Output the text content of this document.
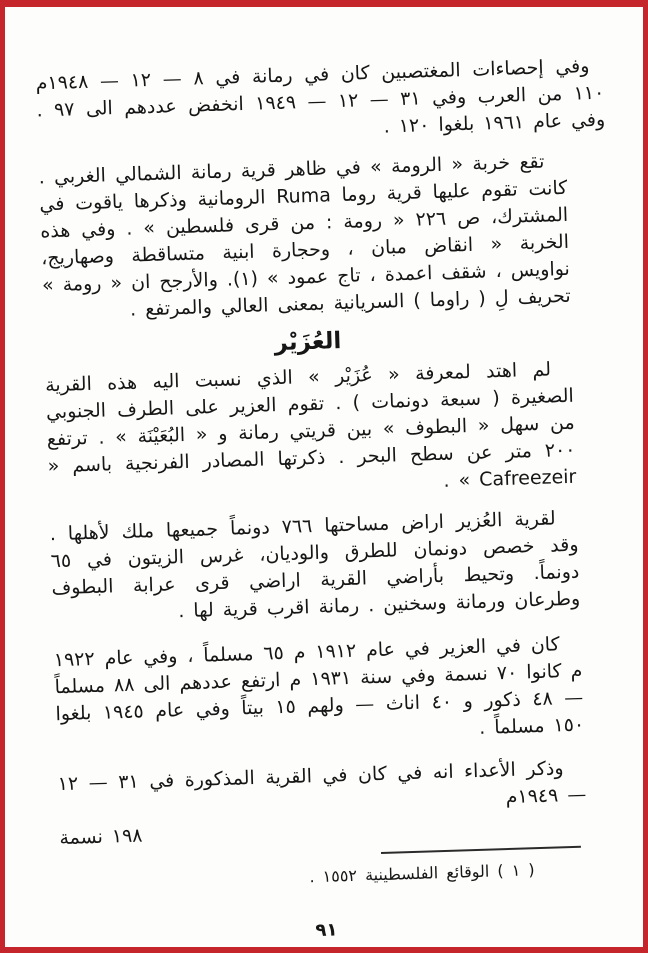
وفي إحصاءات المغتصبين كان في رمانة في ٨ — ١٢ — ١٩٤٨م ١١٠ من العرب وفي ٣١ — ١٢ — ١٩٤٩ انخفض عددهم الى ٩٧ . وفي عام ١٩٦١ بلغوا ١٢٠ .

تقع خربة « الرومة » في ظاهر قرية رمانة الشمالي الغربي . كانت تقوم عليها قرية روما Ruma الرومانية وذكرها ياقوت في المشترك، ص ٢٢٦ « رومة : من قرى فلسطين » . وفي هذه الخربة « انقاض مبان ، وحجارة ابنية متساقطة وصهاريج، نواويس ، شقف اعمدة ، تاج عمود » (١). والأرجح ان « رومة » تحريف لِ ( راوما ) السريانية بمعنى العالي والمرتفع .

العُزَيْر

لم اهتد لمعرفة « عُزَيْر » الذي نسبت اليه هذه القرية الصغيرة ( سبعة دونمات ) . تقوم العزير على الطرف الجنوبي من سهل « البطوف » بين قريتي رمانة و « البُعَيْنَة » . ترتفع ٢٠٠ متر عن سطح البحر . ذكرتها المصادر الفرنجية باسم « Cafreezeir » .

لقرية العُزير اراض مساحتها ٧٦٦ دونماً جميعها ملك لأهلها . وقد خصص دونمان للطرق والوديان، غرس الزيتون في ٦٥ دونماً. وتحيط بأراضي القرية اراضي قرى عرابة البطوف وطرعان ورمانة وسخنين . رمانة اقرب قرية لها .

كان في العزير في عام ١٩١٢ م ٦٥ مسلماً ، وفي عام ١٩٢٢ م كانوا ٧٠ نسمة وفي سنة ١٩٣١ م ارتفع عددهم الى ٨٨ مسلماً — ٤٨ ذكور و ٤٠ اناث — ولهم ١٥ بيتاً وفي عام ١٩٤٥ بلغوا ١٥٠ مسلماً .

وذكر الأعداء انه في كان في القرية المذكورة في ٣١ — ١٢ — ١٩٤٩م

١٩٨ نسمة

( ١ ) الوقائع الفلسطينية ١٥٥٢ .

٩١
